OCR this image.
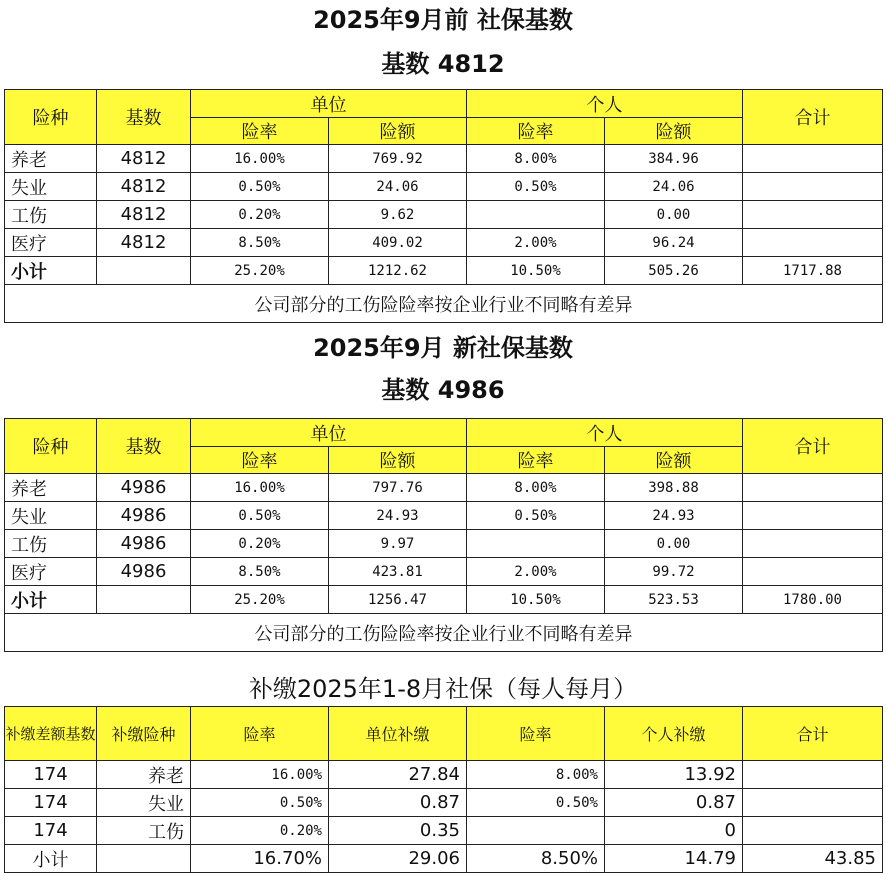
2025年9月前 社保基数
基数 4812
险种	基数	单位		个人		合计
		险率	险额	险率	险额	
养老	4812	16.00%	769.92	8.00%	384.96	
失业	4812	0.50%	24.06	0.50%	24.06	
工伤	4812	0.20%	9.62		0.00	
医疗	4812	8.50%	409.02	2.00%	96.24	
小计		25.20%	1212.62	10.50%	505.26	1717.88
公司部分的工伤险险率按企业行业不同略有差异						
2025年9月 新社保基数
基数 4986
险种	基数	单位		个人		合计
		险率	险额	险率	险额	
养老	4986	16.00%	797.76	8.00%	398.88	
失业	4986	0.50%	24.93	0.50%	24.93	
工伤	4986	0.20%	9.97		0.00	
医疗	4986	8.50%	423.81	2.00%	99.72	
小计		25.20%	1256.47	10.50%	523.53	1780.00
公司部分的工伤险险率按企业行业不同略有差异						
补缴2025年1-8月社保（每人每月）
补缴差额基数	补缴险种	险率	单位补缴	险率	个人补缴	合计
174	养老	16.00%	27.84	8.00%	13.92	
174	失业	0.50%	0.87	0.50%	0.87	
174	工伤	0.20%	0.35		0	
小计		16.70%	29.06	8.50%	14.79	43.85
